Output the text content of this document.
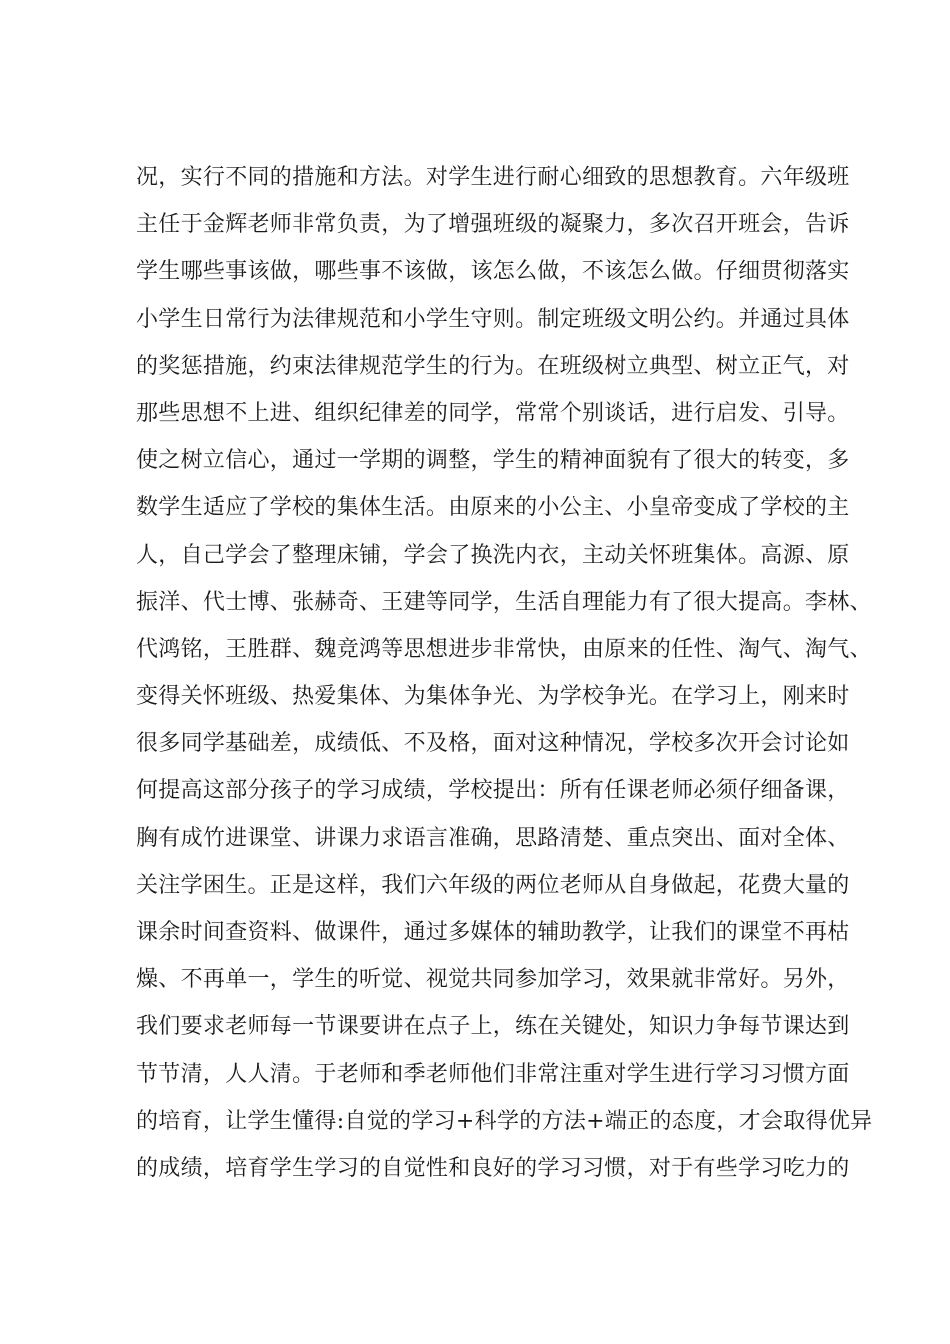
况，实行不同的措施和方法。对学生进行耐心细致的思想教育。六年级班
主任于金辉老师非常负责，为了增强班级的凝聚力，多次召开班会，告诉
学生哪些事该做，哪些事不该做，该怎么做，不该怎么做。仔细贯彻落实
小学生日常行为法律规范和小学生守则。制定班级文明公约。并通过具体
的奖惩措施，约束法律规范学生的行为。在班级树立典型、树立正气，对
那些思想不上进、组织纪律差的同学，常常个别谈话，进行启发、引导。
使之树立信心，通过一学期的调整，学生的精神面貌有了很大的转变，多
数学生适应了学校的集体生活。由原来的小公主、小皇帝变成了学校的主
人，自己学会了整理床铺，学会了换洗内衣，主动关怀班集体。高源、原
振洋、代士博、张赫奇、王建等同学，生活自理能力有了很大提高。李林、
代鸿铭，王胜群、魏竞鸿等思想进步非常快，由原来的任性、淘气、淘气、
变得关怀班级、热爱集体、为集体争光、为学校争光。在学习上，刚来时
很多同学基础差，成绩低、不及格，面对这种情况，学校多次开会讨论如
何提高这部分孩子的学习成绩，学校提出：所有任课老师必须仔细备课，
胸有成竹进课堂、讲课力求语言准确，思路清楚、重点突出、面对全体、
关注学困生。正是这样，我们六年级的两位老师从自身做起，花费大量的
课余时间查资料、做课件，通过多媒体的辅助教学，让我们的课堂不再枯
燥、不再单一，学生的听觉、视觉共同参加学习，效果就非常好。另外，
我们要求老师每一节课要讲在点子上，练在关键处，知识力争每节课达到
节节清，人人清。于老师和季老师他们非常注重对学生进行学习习惯方面
的培育，让学生懂得:自觉的学习+科学的方法+端正的态度，才会取得优异
的成绩，培育学生学习的自觉性和良好的学习习惯，对于有些学习吃力的
